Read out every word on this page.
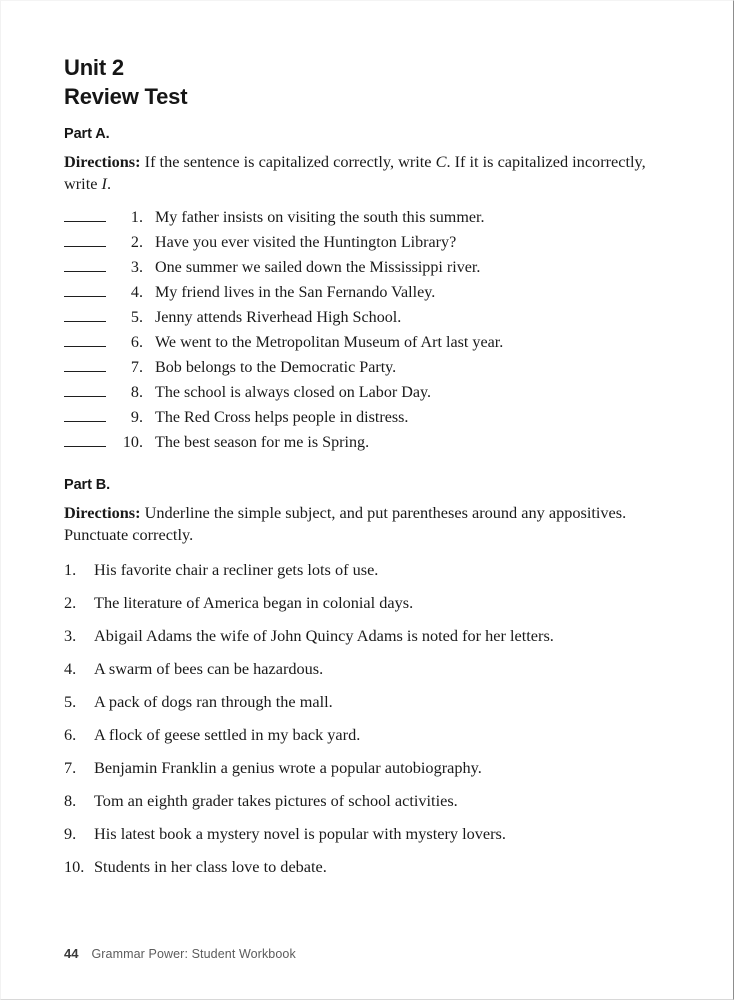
Unit 2
Review Test
Part A.

Directions: If the sentence is capitalized correctly, write C. If it is capitalized incorrectly, write I.

1. My father insists on visiting the south this summer.
2. Have you ever visited the Huntington Library?
3. One summer we sailed down the Mississippi river.
4. My friend lives in the San Fernando Valley.
5. Jenny attends Riverhead High School.
6. We went to the Metropolitan Museum of Art last year.
7. Bob belongs to the Democratic Party.
8. The school is always closed on Labor Day.
9. The Red Cross helps people in distress.
10. The best season for me is Spring.
Part B.

Directions: Underline the simple subject, and put parentheses around any appositives. Punctuate correctly.

1.	His favorite chair a recliner gets lots of use.
2.	The literature of America began in colonial days.
3.	Abigail Adams the wife of John Quincy Adams is noted for her letters.
4.	A swarm of bees can be hazardous.
5.	A pack of dogs ran through the mall.
6.	A flock of geese settled in my back yard.
7.	Benjamin Franklin a genius wrote a popular autobiography.
8.	Tom an eighth grader takes pictures of school activities.
9.	His latest book a mystery novel is popular with mystery lovers.
10. Students in her class love to debate.
44 Grammar Power: Student Workbook
